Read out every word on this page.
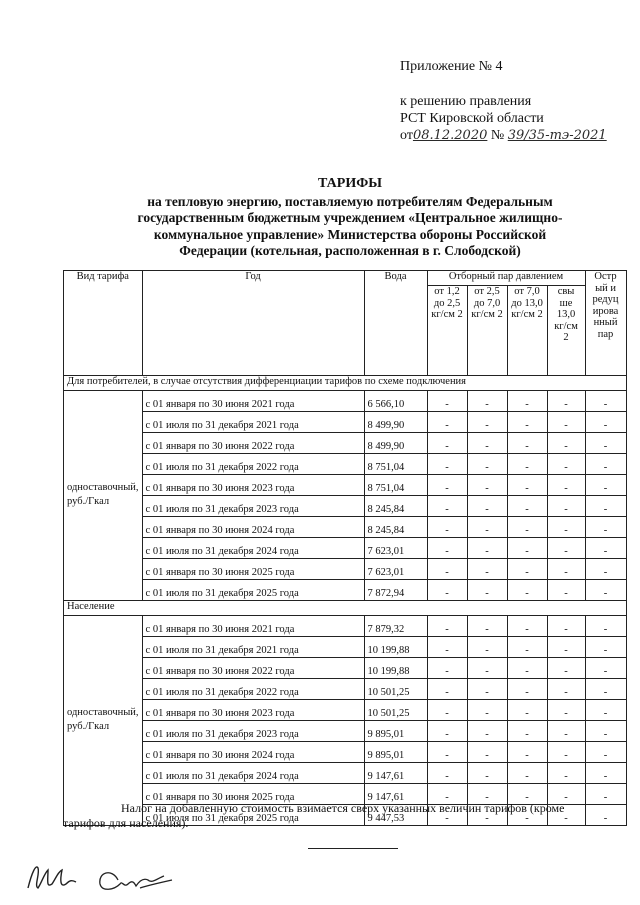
Приложение № 4
к решению правления
РСТ Кировской области
от08.12.2020 № 39/35-тэ-2021
ТАРИФЫ
на тепловую энергию, поставляемую потребителям Федеральным
государственным бюджетным учреждением «Центральное жилищно-
коммунальное управление» Министерства обороны Российской
Федерации (котельная, расположенная в г. Слободской)
Вид тарифа	Год	Вода	Отборный пар давлением				Остр ый и редуц ирова нный пар
			от 1,2 до 2,5 кг/см 2	от 2,5 до 7,0 кг/см 2	от 7,0 до 13,0 кг/см 2	свы ше 13,0 кг/см 2	
Для потребителей, в случае отсутствия дифференциации тарифов по схеме подключения							
одноставочный, руб./Гкал	с 01 января по 30 июня 2021 года	6 566,10	-	-	-	-	-
	с 01 июля по 31 декабря 2021 года	8 499,90	-	-	-	-	-
	с 01 января по 30 июня 2022 года	8 499,90	-	-	-	-	-
	с 01 июля по 31 декабря 2022 года	8 751,04	-	-	-	-	-
	с 01 января по 30 июня 2023 года	8 751,04	-	-	-	-	-
	с 01 июля по 31 декабря 2023 года	8 245,84	-	-	-	-	-
	с 01 января по 30 июня 2024 года	8 245,84	-	-	-	-	-
	с 01 июля по 31 декабря 2024 года	7 623,01	-	-	-	-	-
	с 01 января по 30 июня 2025 года	7 623,01	-	-	-	-	-
	с 01 июля по 31 декабря 2025 года	7 872,94	-	-	-	-	-
Население							
одноставочный, руб./Гкал	с 01 января по 30 июня 2021 года	7 879,32	-	-	-	-	-
	с 01 июля по 31 декабря 2021 года	10 199,88	-	-	-	-	-
	с 01 января по 30 июня 2022 года	10 199,88	-	-	-	-	-
	с 01 июля по 31 декабря 2022 года	10 501,25	-	-	-	-	-
	с 01 января по 30 июня 2023 года	10 501,25	-	-	-	-	-
	с 01 июля по 31 декабря 2023 года	9 895,01	-	-	-	-	-
	с 01 января по 30 июня 2024 года	9 895,01	-	-	-	-	-
	с 01 июля по 31 декабря 2024 года	9 147,61	-	-	-	-	-
	с 01 января по 30 июня 2025 года	9 147,61	-	-	-	-	-
	с 01 июля по 31 декабря 2025 года	9 447,53	-	-	-	-	-
Налог на добавленную стоимость взимается сверх указанных величин тарифов (кроме тарифов для населения).
